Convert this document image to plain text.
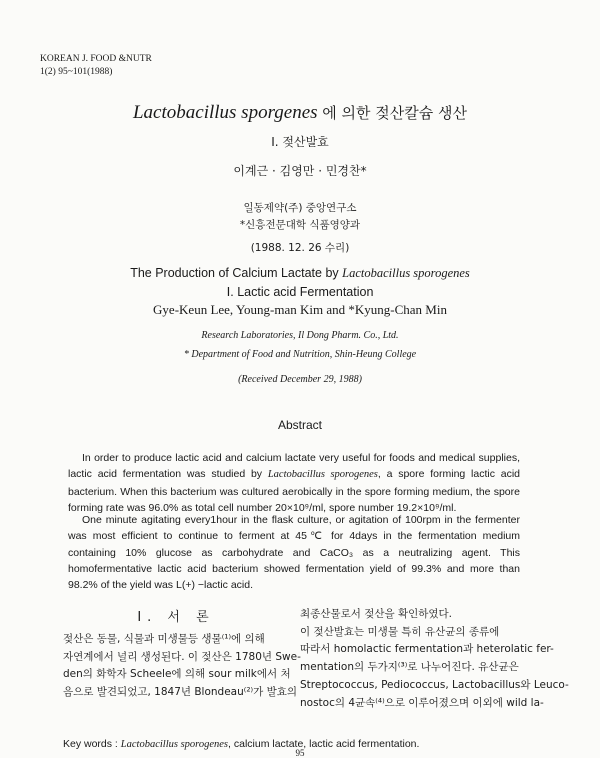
KOREAN J. FOOD &NUTR
1(2) 95~101(1988)
Lactobacillus sporgenes 에 의한 젖산칼슘 생산
Ⅰ. 젖산발효
이계근 · 김영만 · 민경찬*
일동제약(주) 중앙연구소
*신흥전문대학 식품영양과
(1988. 12. 26 수리)
The Production of Calcium Lactate by Lactobacillus sporogenes
Ⅰ. Lactic acid Fermentation
Gye-Keun Lee, Young-man Kim and *Kyung-Chan Min
Research Laboratories, Il Dong Pharm. Co., Ltd.
* Department of Food and Nutrition, Shin-Heung College
(Received December 29, 1988)
Abstract
In order to produce lactic acid and calcium lactate very useful for foods and medical supplies, lactic acid fermentation was studied by Lactobacillus sporogenes, a spore forming lactic acid bacterium. When this bacterium was cultured aerobically in the spore forming medium, the spore forming rate was 96.0% as total cell number 20×10⁹/ml, spore number 19.2×10⁹/ml.
One minute agitating every1hour in the flask culture, or agitation of 100rpm in the fermenter was most efficient to continue to ferment at 45℃ for 4days in the fermentation medium containing 10% glucose as carbohydrate and CaCO₃ as a neutralizing agent. This homofermentative lactic acid bacterium showed fermentation yield of 99.3% and more than 98.2% of the yield was L(+) −lactic acid.
Ⅰ. 서 론
젖산은 동물, 식물과 미생물등 생물⁽¹⁾에 의해
자연계에서 널리 생성된다. 이 젖산은 1780년 Swe-
den의 화학자 Scheele에 의해 sour milk에서 처
음으로 발견되었고, 1847년 Blondeau⁽²⁾가 발효의
최종산물로서 젖산을 확인하였다.
이 젖산발효는 미생물 특히 유산균의 종류에
따라서 homolactic fermentation과 heterolatic fer-
mentation의 두가지⁽³⁾로 나누어진다. 유산균은
Streptococcus, Pediococcus, Lactobacillus와 Leuco-
nostoc의 4균속⁽⁴⁾으로 이루어졌으며 이외에 wild la-
Key words : Lactobacillus sporogenes, calcium lactate, lactic acid fermentation.
95
